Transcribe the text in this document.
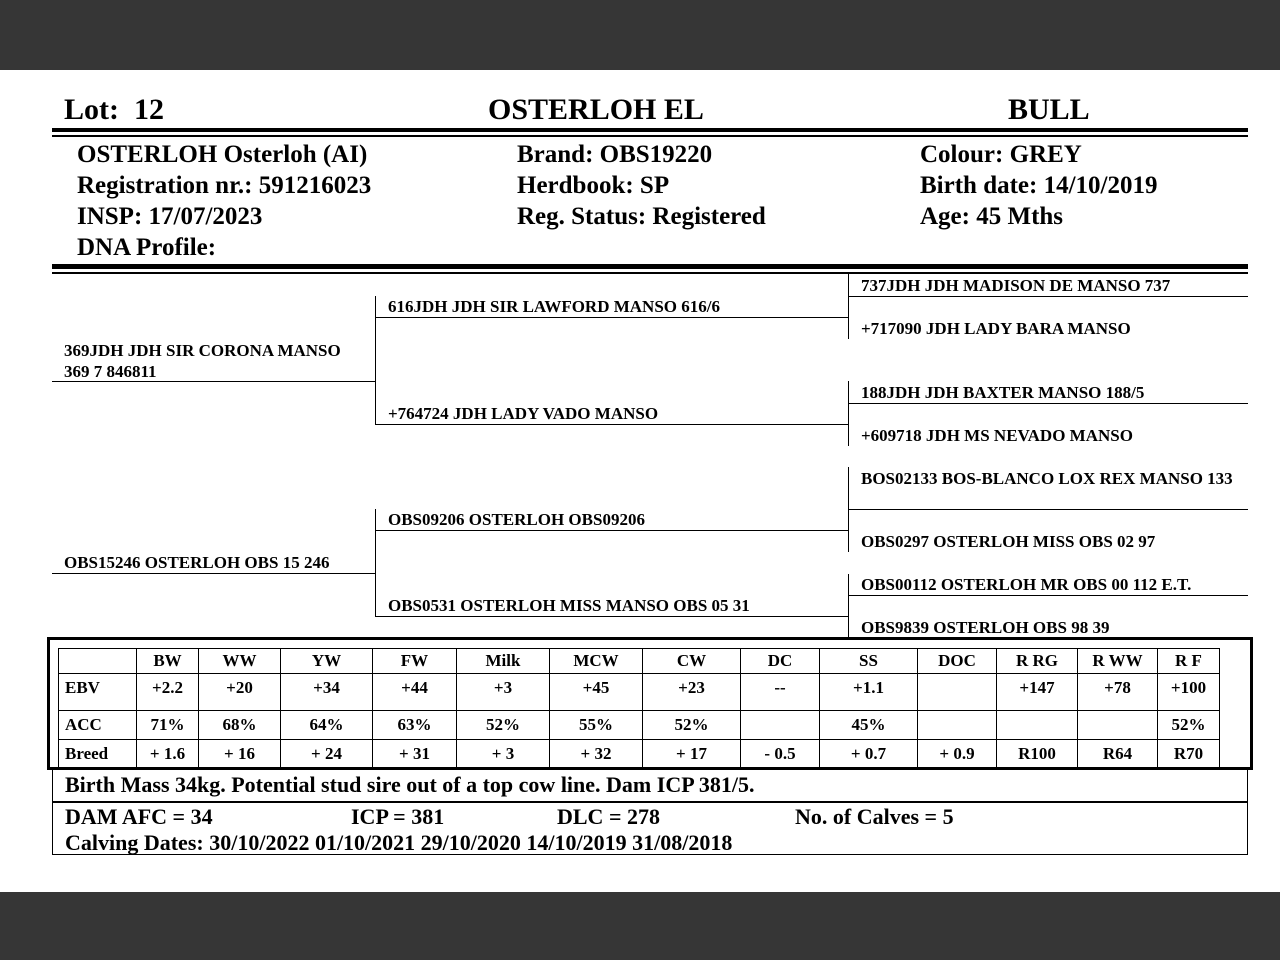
Lot: 12	OSTERLOH EL	BULL
OSTERLOH Osterloh (AI)
Registration nr.: 591216023
INSP: 17/07/2023
DNA Profile:
Brand: OBS19220
Herdbook: SP
Reg. Status: Registered
Colour: GREY
Birth date: 14/10/2019
Age: 45 Mths
369JDH JDH SIR CORONA MANSO 369 7 846811
OBS15246 OSTERLOH OBS 15 246
616JDH JDH SIR LAWFORD MANSO 616/6
+764724 JDH LADY VADO MANSO
OBS09206 OSTERLOH OBS09206
OBS0531 OSTERLOH MISS MANSO OBS 05 31
737JDH JDH MADISON DE MANSO 737
+717090 JDH LADY BARA MANSO
188JDH JDH BAXTER MANSO 188/5
+609718 JDH MS NEVADO MANSO
BOS02133 BOS-BLANCO LOX REX MANSO 133
OBS0297 OSTERLOH MISS OBS 02 97
OBS00112 OSTERLOH MR OBS 00 112 E.T.
OBS9839 OSTERLOH OBS 98 39
	BW	WW	YW	FW	Milk	MCW	CW	DC	SS	DOC	R RG	R WW	R F
EBV	+2.2	+20	+34	+44	+3	+45	+23	--	+1.1		+147	+78	+100
ACC	71%	68%	64%	63%	52%	55%	52%		45%				52%
Breed	+ 1.6	+ 16	+ 24	+ 31	+ 3	+ 32	+ 17	- 0.5	+ 0.7	+ 0.9	R100	R64	R70
Birth Mass 34kg. Potential stud sire out of a top cow line. Dam ICP 381/5.
DAM AFC = 34	ICP = 381	DLC = 278	No. of Calves = 5
Calving Dates: 30/10/2022 01/10/2021 29/10/2020 14/10/2019 31/08/2018
